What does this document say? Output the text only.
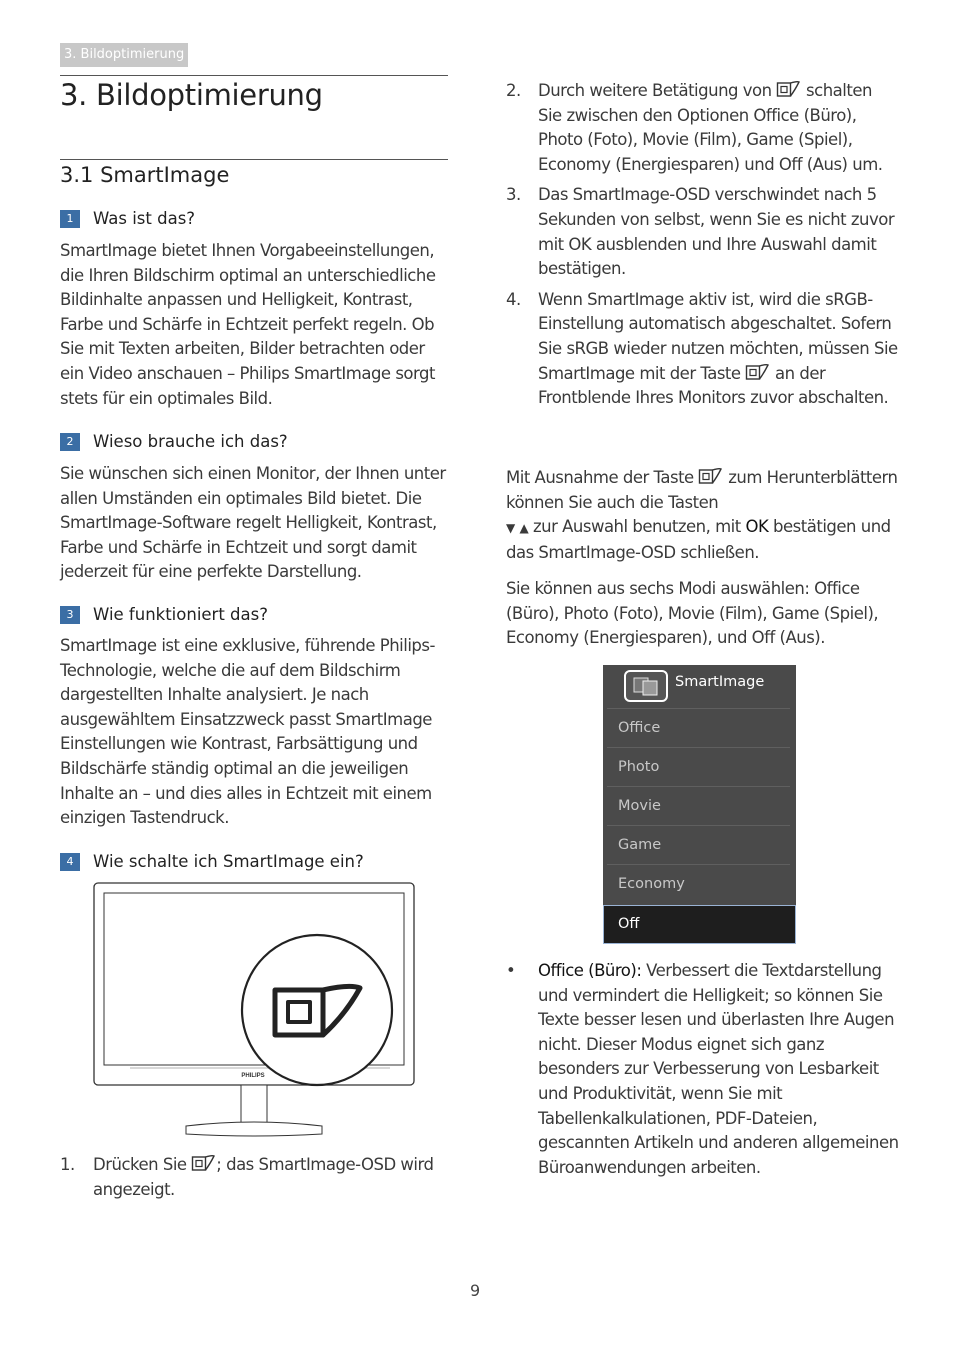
3. Bildoptimierung
3. Bildoptimierung
3.1 SmartImage
1	Was ist das?
SmartImage bietet Ihnen Vorgabeeinstellungen, die Ihren Bildschirm optimal an unterschiedliche Bildinhalte anpassen und Helligkeit, Kontrast, Farbe und Schärfe in Echtzeit perfekt regeln. Ob Sie mit Texten arbeiten, Bilder betrachten oder ein Video anschauen – Philips SmartImage sorgt stets für ein optimales Bild.
2	Wieso brauche ich das?
Sie wünschen sich einen Monitor, der Ihnen unter allen Umständen ein optimales Bild bietet. Die SmartImage-Software regelt Helligkeit, Kontrast, Farbe und Schärfe in Echtzeit und sorgt damit jederzeit für eine perfekte Darstellung.
3	Wie funktioniert das?
SmartImage ist eine exklusive, führende Philips-Technologie, welche die auf dem Bildschirm dargestellten Inhalte analysiert. Je nach ausgewähltem Einsatzzweck passt SmartImage Einstellungen wie Kontrast, Farbsättigung und Bildschärfe ständig optimal an die jeweiligen Inhalte an – und dies alles in Echtzeit mit einem einzigen Tastendruck.
4	Wie schalte ich SmartImage ein?
PHILIPS
1. Drücken Sie ; das SmartImage-OSD wird angezeigt.
2. Durch weitere Betätigung von  schalten Sie zwischen den Optionen Office (Büro), Photo (Foto), Movie (Film), Game (Spiel), Economy (Energiesparen) und Off (Aus) um.
3. Das SmartImage-OSD verschwindet nach 5 Sekunden von selbst, wenn Sie es nicht zuvor mit OK ausblenden und Ihre Auswahl damit bestätigen.
4. Wenn SmartImage aktiv ist, wird die sRGB-Einstellung automatisch abgeschaltet. Sofern Sie sRGB wieder nutzen möchten, müssen Sie SmartImage mit der Taste  an der Frontblende Ihres Monitors zuvor abschalten.
Mit Ausnahme der Taste  zum Herunterblättern können Sie auch die Tasten
▼ ▲ zur Auswahl benutzen, mit OK bestätigen und das SmartImage-OSD schließen.
Sie können aus sechs Modi auswählen: Office (Büro), Photo (Foto), Movie (Film), Game (Spiel), Economy (Energiesparen), und Off (Aus).
SmartImage
Office
Photo
Movie
Game
Economy
Off
•	Office (Büro): Verbessert die Textdarstellung und vermindert die Helligkeit; so können Sie Texte besser lesen und überlasten Ihre Augen nicht. Dieser Modus eignet sich ganz besonders zur Verbesserung von Lesbarkeit und Produktivität, wenn Sie mit Tabellenkalkulationen, PDF-Dateien, gescannten Artikeln und anderen allgemeinen Büroanwendungen arbeiten.
9
